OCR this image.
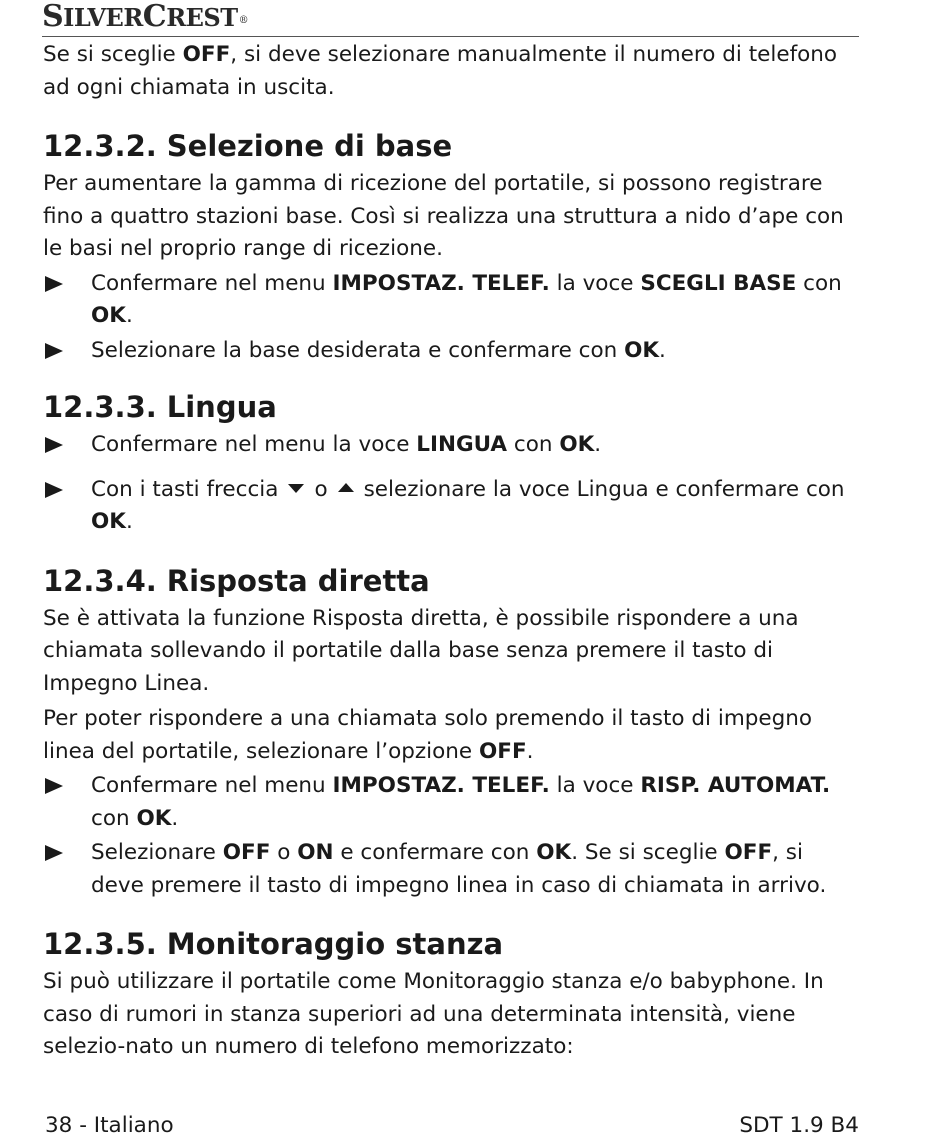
SILVERCREST®

Se si sceglie OFF, si deve selezionare manualmente il numero di telefono ad ogni chiamata in uscita.

12.3.2. Selezione di base

Per aumentare la gamma di ricezione del portatile, si possono registrare fino a quattro stazioni base. Così si realizza una struttura a nido d’ape con le basi nel proprio range di ricezione.

Confermare nel menu IMPOSTAZ. TELEF. la voce SCEGLI BASE con OK.
Selezionare la base desiderata e confermare con OK.
12.3.3. Lingua
Confermare nel menu la voce LINGUA con OK.
Con i tasti freccia o selezionare la voce Lingua e confermare con OK.
12.3.4. Risposta diretta

Se è attivata la funzione Risposta diretta, è possibile rispondere a una chiamata sollevando il portatile dalla base senza premere il tasto di Impegno Linea.

Per poter rispondere a una chiamata solo premendo il tasto di impegno linea del portatile, selezionare l’opzione OFF.

Confermare nel menu IMPOSTAZ. TELEF. la voce RISP. AUTOMAT. con OK.
Selezionare OFF o ON e confermare con OK. Se si sceglie OFF, si deve premere il tasto di impegno linea in caso di chiamata in arrivo.
12.3.5. Monitoraggio stanza

Si può utilizzare il portatile come Monitoraggio stanza e/o babyphone. In caso di rumori in stanza superiori ad una determinata intensità, viene selezio-nato un numero di telefono memorizzato:

38 - Italiano	SDT 1.9 B4
